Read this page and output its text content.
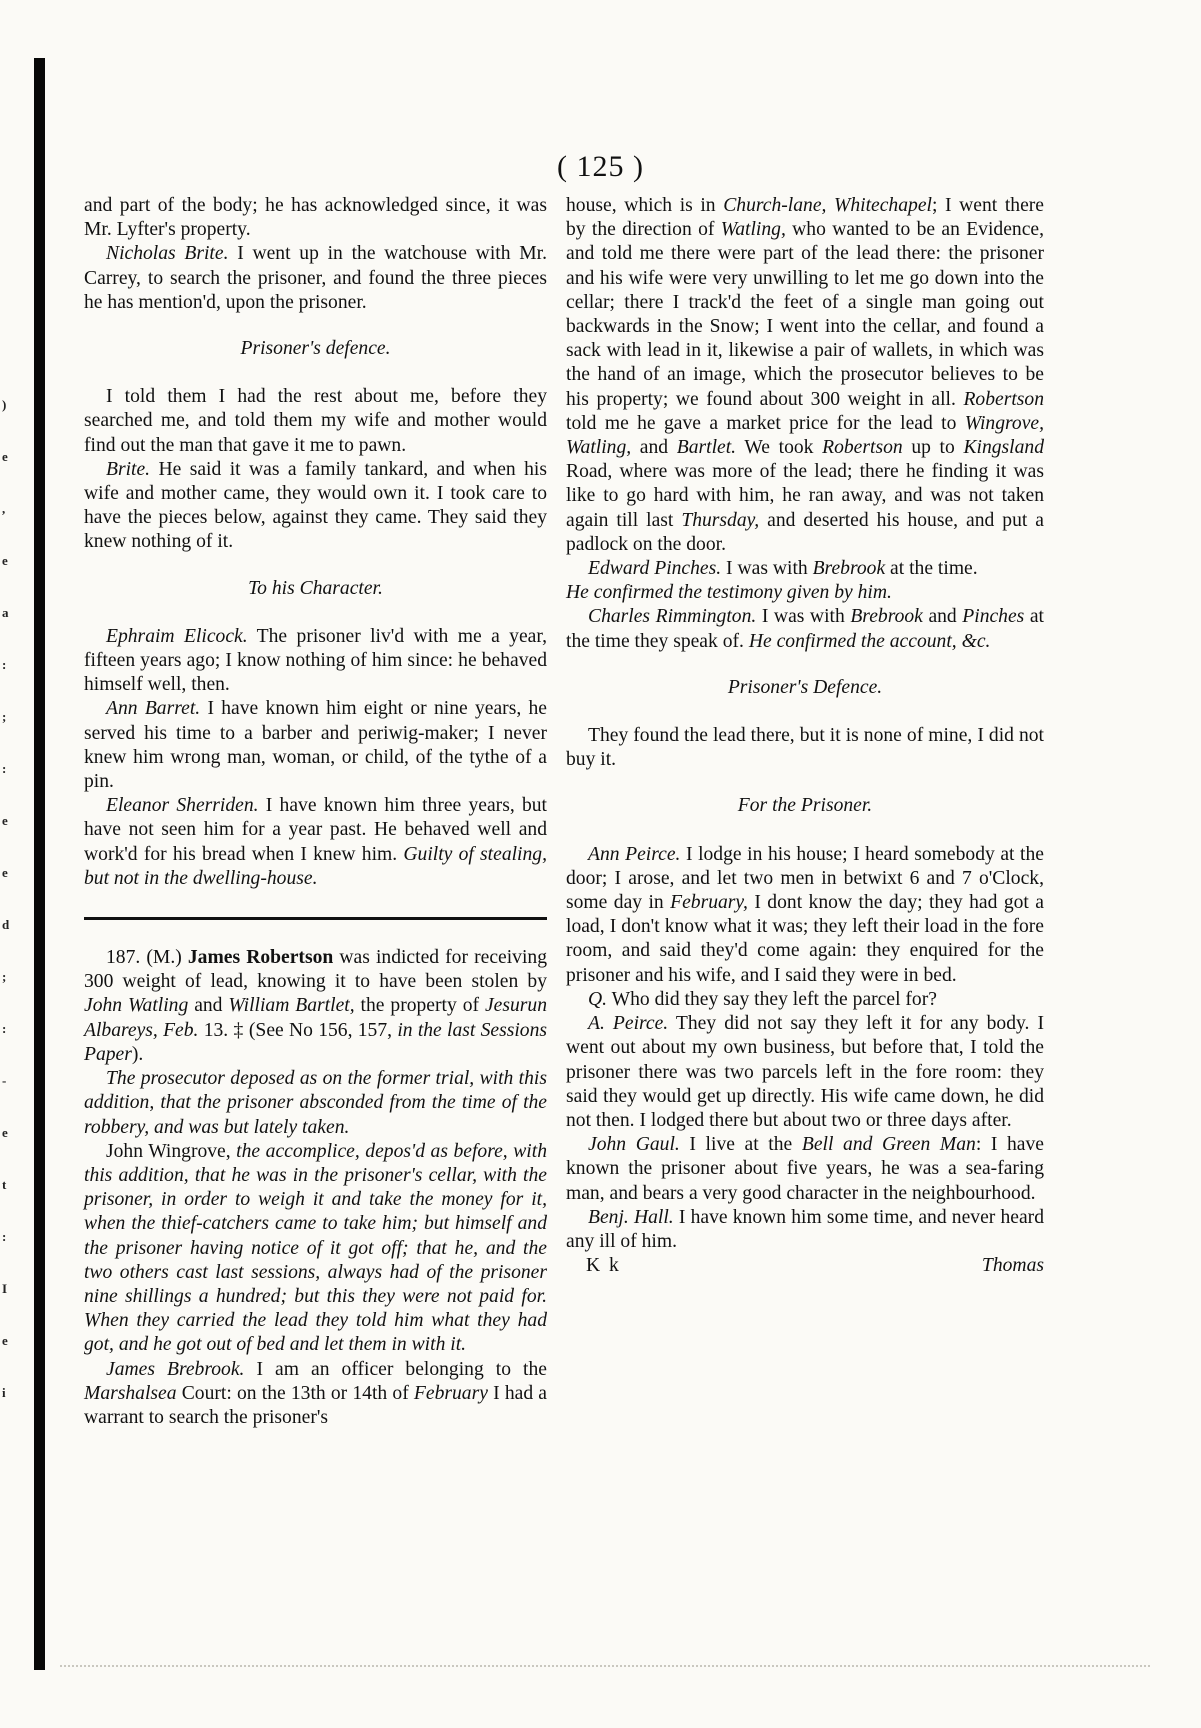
)
e
,
e
a
:
;
:
e
e
d
;
:
-
e
t
:
I
e
i
( 125 )

and part of the body; he has acknowledged since, it was Mr. Lyfter's property.

Nicholas Brite. I went up in the watchouse with Mr. Carrey, to search the prisoner, and found the three pieces he has mention'd, upon the prisoner.

Prisoner's defence.

I told them I had the rest about me, before they searched me, and told them my wife and mother would find out the man that gave it me to pawn.

Brite. He said it was a family tankard, and when his wife and mother came, they would own it. I took care to have the pieces below, against they came. They said they knew nothing of it.

To his Character.

Ephraim Elicock. The prisoner liv'd with me a year, fifteen years ago; I know nothing of him since: he behaved himself well, then.

Ann Barret. I have known him eight or nine years, he served his time to a barber and periwig-maker; I never knew him wrong man, woman, or child, of the tythe of a pin.

Eleanor Sherriden. I have known him three years, but have not seen him for a year past. He behaved well and work'd for his bread when I knew him. Guilty of stealing, but not in the dwelling-house.

187. (M.) James Robertson was indicted for receiving 300 weight of lead, knowing it to have been stolen by John Watling and William Bartlet, the property of Jesurun Albareys, Feb. 13. ‡ (See No 156, 157, in the last Sessions Paper).

The prosecutor deposed as on the former trial, with this addition, that the prisoner absconded from the time of the robbery, and was but lately taken.

John Wingrove, the accomplice, depos'd as before, with this addition, that he was in the prisoner's cellar, with the prisoner, in order to weigh it and take the money for it, when the thief-catchers came to take him; but himself and the prisoner having notice of it got off; that he, and the two others cast last sessions, always had of the prisoner nine shillings a hundred; but this they were not paid for. When they carried the lead they told him what they had got, and he got out of bed and let them in with it.

James Brebrook. I am an officer belonging to the Marshalsea Court: on the 13th or 14th of February I had a warrant to search the prisoner's

house, which is in Church-lane, Whitechapel; I went there by the direction of Watling, who wanted to be an Evidence, and told me there were part of the lead there: the prisoner and his wife were very unwilling to let me go down into the cellar; there I track'd the feet of a single man going out backwards in the Snow; I went into the cellar, and found a sack with lead in it, likewise a pair of wallets, in which was the hand of an image, which the prosecutor believes to be his property; we found about 300 weight in all. Robertson told me he gave a market price for the lead to Wingrove, Watling, and Bartlet. We took Robertson up to Kingsland Road, where was more of the lead; there he finding it was like to go hard with him, he ran away, and was not taken again till last Thursday, and deserted his house, and put a padlock on the door.

Edward Pinches. I was with Brebrook at the time.

He confirmed the testimony given by him.

Charles Rimmington. I was with Brebrook and Pinches at the time they speak of. He confirmed the account, &c.

Prisoner's Defence.

They found the lead there, but it is none of mine, I did not buy it.

For the Prisoner.

Ann Peirce. I lodge in his house; I heard somebody at the door; I arose, and let two men in betwixt 6 and 7 o'Clock, some day in February, I dont know the day; they had got a load, I don't know what it was; they left their load in the fore room, and said they'd come again: they enquired for the prisoner and his wife, and I said they were in bed.

Q. Who did they say they left the parcel for?

A. Peirce. They did not say they left it for any body. I went out about my own business, but before that, I told the prisoner there was two parcels left in the fore room: they said they would get up directly. His wife came down, he did not then. I lodged there but about two or three days after.

John Gaul. I live at the Bell and Green Man: I have known the prisoner about five years, he was a sea-faring man, and bears a very good character in the neighbourhood.

Benj. Hall. I have known him some time, and never heard any ill of him.

K k	Thomas
